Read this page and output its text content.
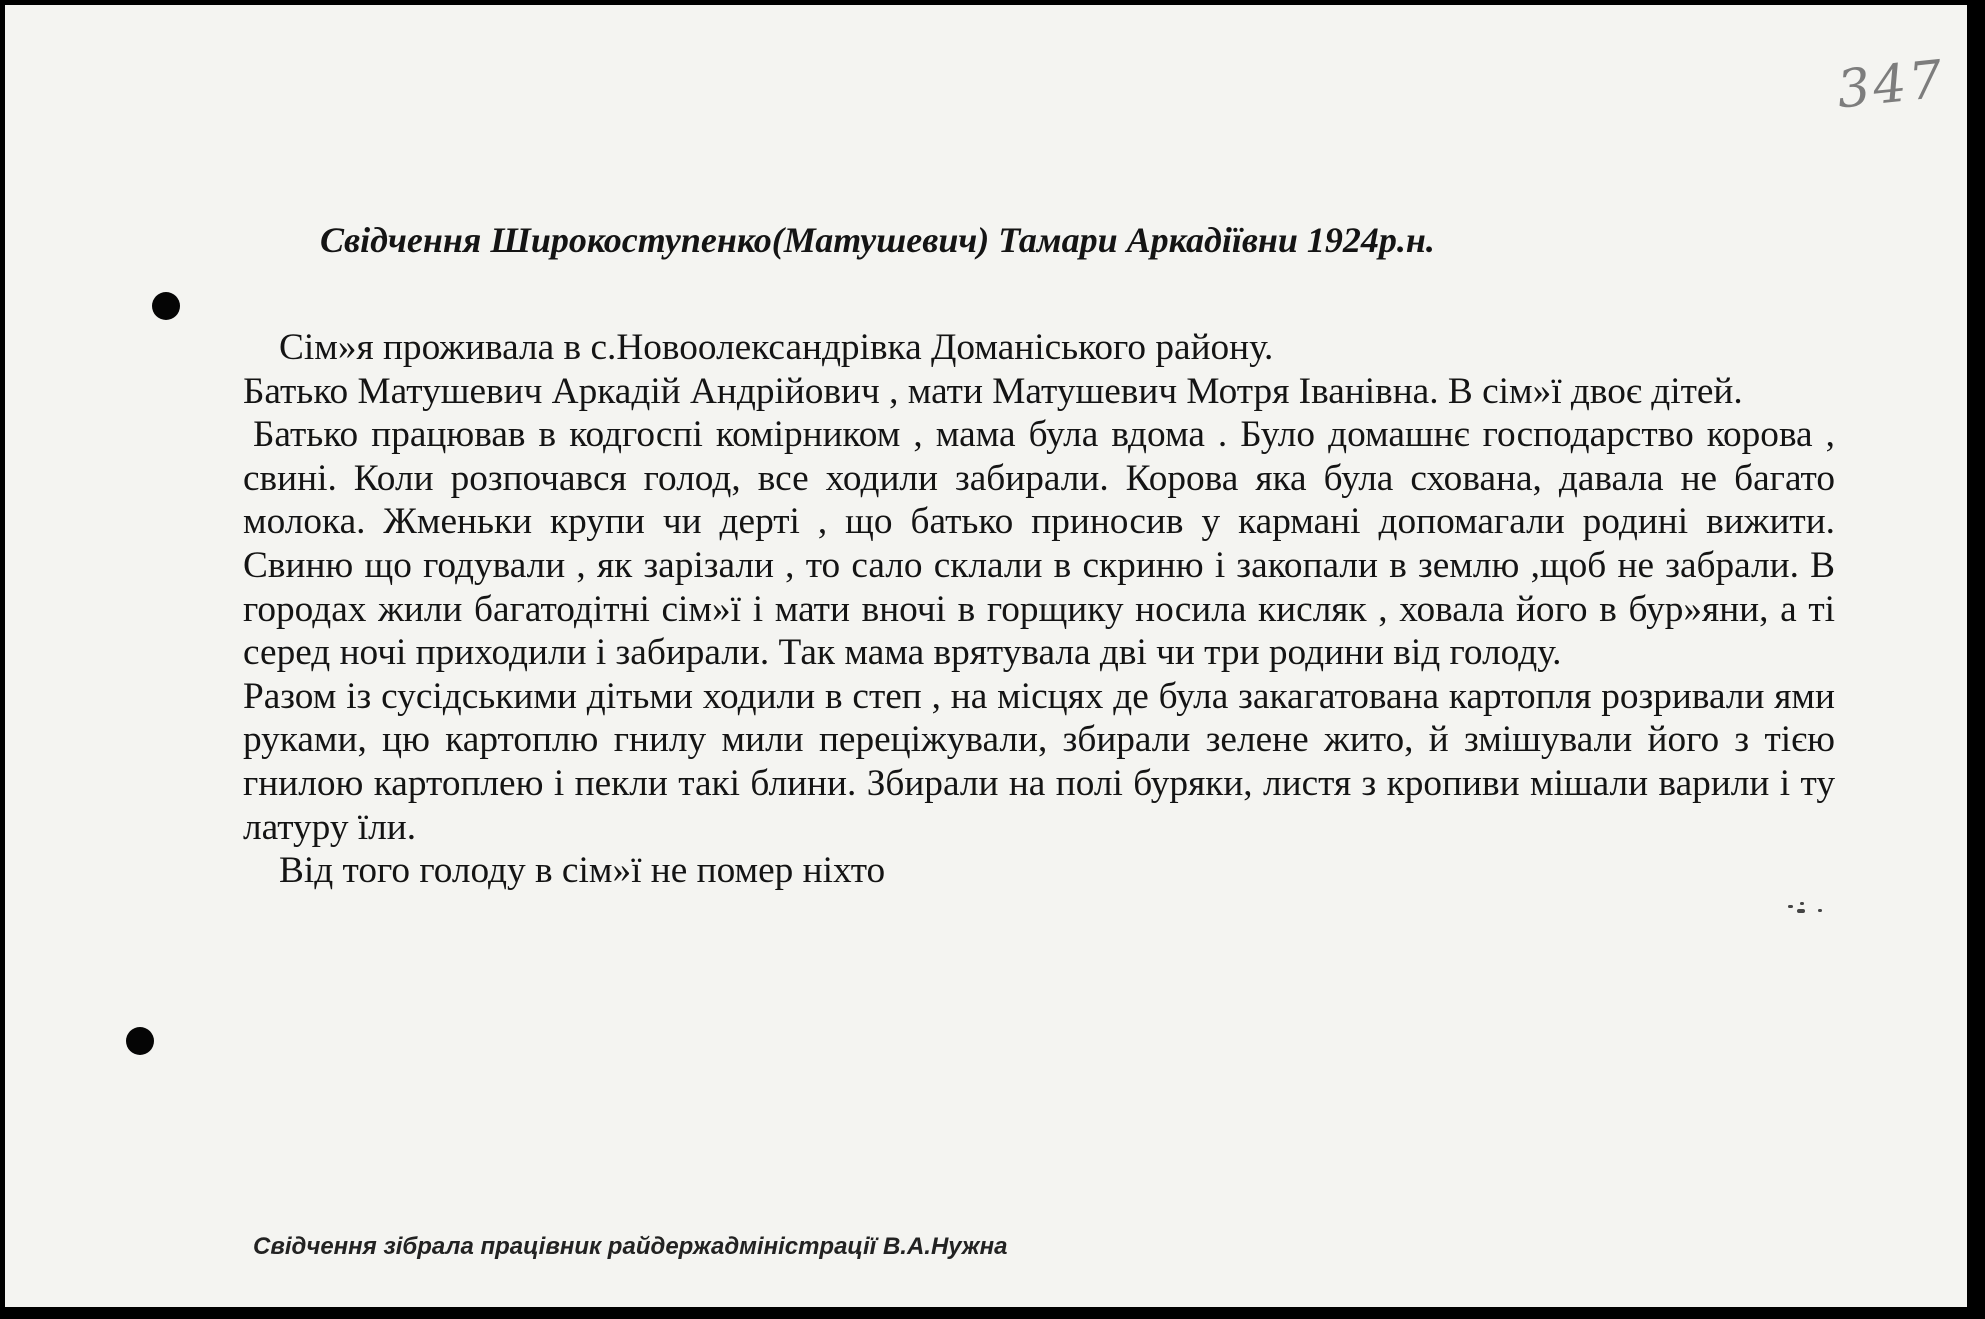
347
Свідчення Широкоступенко(Матушевич) Тамари Аркадіївни 1924р.н.

Сім»я проживала в с.Новоолександрівка Доманіського району.

Батько Матушевич Аркадій Андрійович , мати Матушевич Мотря Іванівна. В сім»ї двоє дітей.

Батько працював в кодгоспі комірником , мама була вдома . Було домашнє господарство корова , свині. Коли розпочався голод, все ходили забирали. Корова яка була схована, давала не багато молока. Жменьки крупи чи дерті , що батько приносив у кармані допомагали родині вижити. Свиню що годували , як зарізали , то сало склали в скриню і закопали в землю ,щоб не забрали. В городах жили багатодітні сім»ї і мати вночі в горщику носила кисляк , ховала його в бур»яни, а ті серед ночі приходили і забирали. Так мама врятувала дві чи три родини від голоду.

Разом із сусідськими дітьми ходили в степ , на місцях де була закагатована картопля розривали ями руками, цю картоплю гнилу мили переціжували, збирали зелене жито, й змішували його з тією гнилою картоплею і пекли такі блини. Збирали на полі буряки, листя з кропиви мішали варили і ту латуру їли.

Від того голоду в сім»ї не помер ніхто

Свідчення зібрала працівник райдержадміністрації В.А.Нужна
